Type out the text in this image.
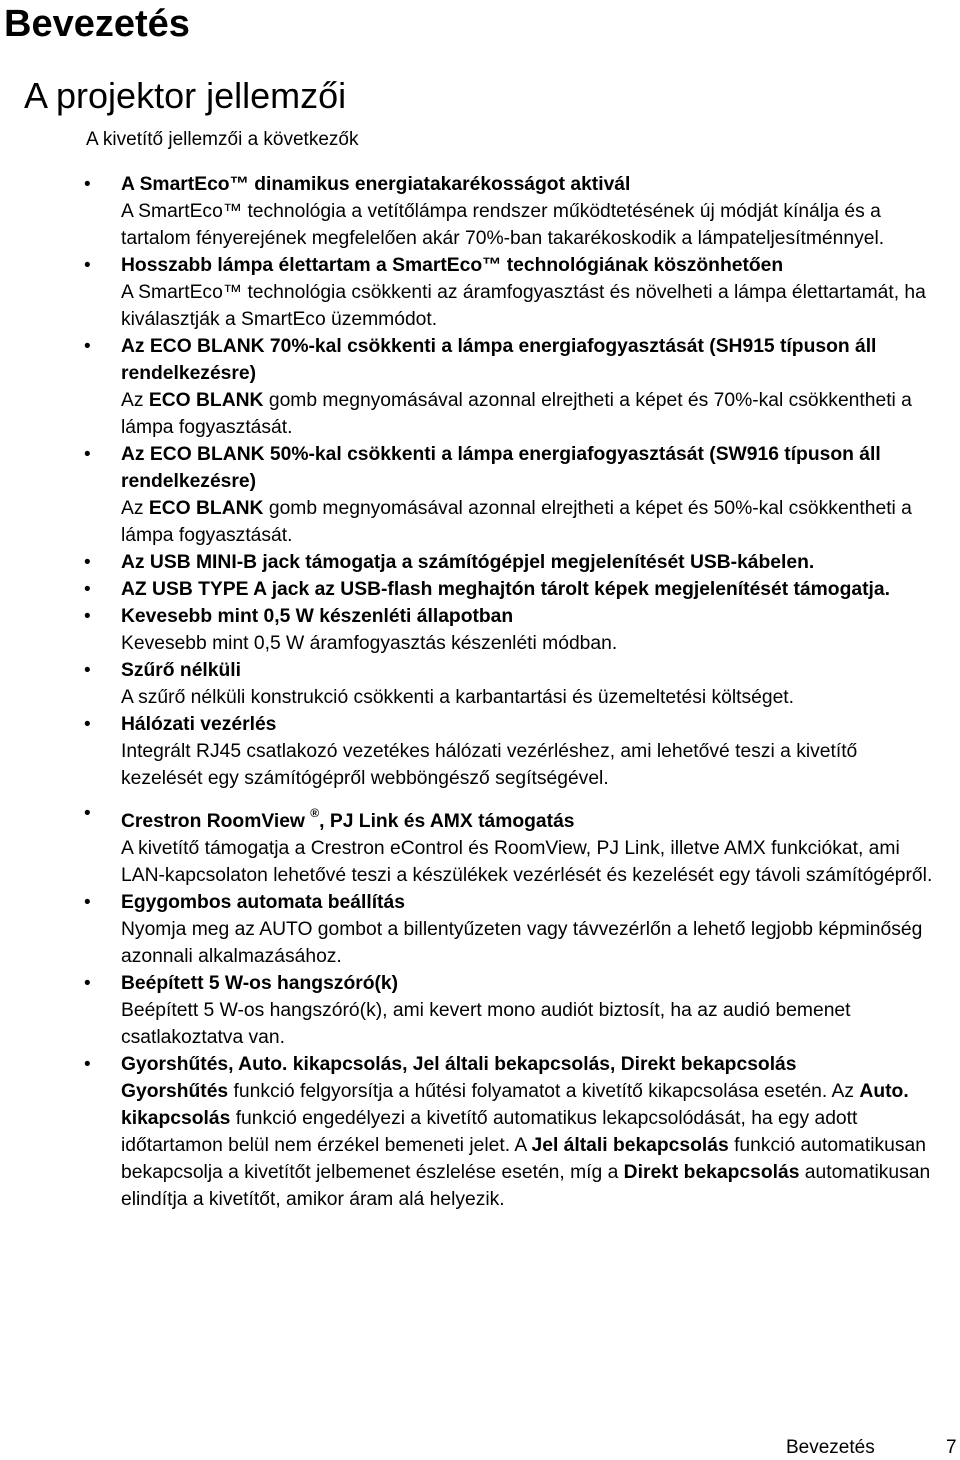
Bevezetés
A projektor jellemzői

A kivetítő jellemzői a következők

• A SmartEco™ dinamikus energiatakarékosságot aktivál
A SmartEco™ technológia a vetítőlámpa rendszer működtetésének új módját kínálja és a tartalom fényerejének megfelelően akár 70%-ban takarékoskodik a lámpateljesítménnyel.
• Hosszabb lámpa élettartam a SmartEco™ technológiának köszönhetően
A SmartEco™ technológia csökkenti az áramfogyasztást és növelheti a lámpa élettartamát, ha kiválasztják a SmartEco üzemmódot.
• Az ECO BLANK 70%-kal csökkenti a lámpa energiafogyasztását (SH915 típuson áll rendelkezésre)
Az ECO BLANK gomb megnyomásával azonnal elrejtheti a képet és 70%-kal csökkentheti a lámpa fogyasztását.
• Az ECO BLANK 50%-kal csökkenti a lámpa energiafogyasztását (SW916 típuson áll rendelkezésre)
Az ECO BLANK gomb megnyomásával azonnal elrejtheti a képet és 50%-kal csökkentheti a lámpa fogyasztását.
• Az USB MINI-B jack támogatja a számítógépjel megjelenítését USB-kábelen.
• AZ USB TYPE A jack az USB-flash meghajtón tárolt képek megjelenítését támogatja.
• Kevesebb mint 0,5 W készenléti állapotban
Kevesebb mint 0,5 W áramfogyasztás készenléti módban.
• Szűrő nélküli
A szűrő nélküli konstrukció csökkenti a karbantartási és üzemeltetési költséget.
• Hálózati vezérlés
Integrált RJ45 csatlakozó vezetékes hálózati vezérléshez, ami lehetővé teszi a kivetítő kezelését egy számítógépről webböngésző segítségével.
• Crestron RoomView ®, PJ Link és AMX támogatás
A kivetítő támogatja a Crestron eControl és RoomView, PJ Link, illetve AMX funkciókat, ami LAN-kapcsolaton lehetővé teszi a készülékek vezérlését és kezelését egy távoli számítógépről.
• Egygombos automata beállítás
Nyomja meg az AUTO gombot a billentyűzeten vagy távvezérlőn a lehető legjobb képminőség azonnali alkalmazásához.
• Beépített 5 W-os hangszóró(k)
Beépített 5 W-os hangszóró(k), ami kevert mono audiót biztosít, ha az audió bemenet csatlakoztatva van.
• Gyorshűtés, Auto. kikapcsolás, Jel általi bekapcsolás, Direkt bekapcsolás
Gyorshűtés funkció felgyorsítja a hűtési folyamatot a kivetítő kikapcsolása esetén. Az Auto. kikapcsolás funkció engedélyezi a kivetítő automatikus lekapcsolódását, ha egy adott időtartamon belül nem érzékel bemeneti jelet. A Jel általi bekapcsolás funkció automatikusan bekapcsolja a kivetítőt jelbemenet észlelése esetén, míg a Direkt bekapcsolás automatikusan elindítja a kivetítőt, amikor áram alá helyezik.
Bevezetés	7
